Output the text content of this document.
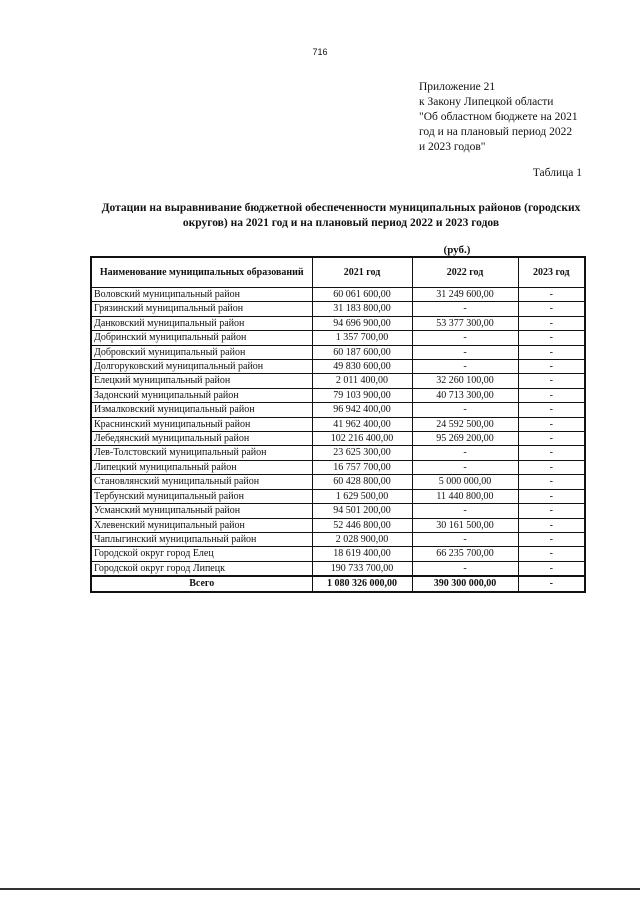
716
Приложение 21
к Закону Липецкой области
"Об областном бюджете на 2021
год и на плановый период 2022
и 2023 годов"
Таблица 1
Дотации на выравнивание бюджетной обеспеченности муниципальных районов (городских округов) на 2021 год и на плановый период 2022 и 2023 годов
(руб.)
Наименование муниципальных образований	2021 год	2022 год	2023 год
Воловский муниципальный район	60 061 600,00	31 249 600,00	-
Грязинский муниципальный район	31 183 800,00	-	-
Данковский муниципальный район	94 696 900,00	53 377 300,00	-
Добринский муниципальный район	1 357 700,00	-	-
Добровский муниципальный район	60 187 600,00	-	-
Долгоруковский муниципальный район	49 830 600,00	-	-
Елецкий муниципальный район	2 011 400,00	32 260 100,00	-
Задонский муниципальный район	79 103 900,00	40 713 300,00	-
Измалковский муниципальный район	96 942 400,00	-	-
Краснинский муниципальный район	41 962 400,00	24 592 500,00	-
Лебедянский муниципальный район	102 216 400,00	95 269 200,00	-
Лев-Толстовский муниципальный район	23 625 300,00	-	-
Липецкий муниципальный район	16 757 700,00	-	-
Становлянский муниципальный район	60 428 800,00	5 000 000,00	-
Тербунский муниципальный район	1 629 500,00	11 440 800,00	-
Усманский муниципальный район	94 501 200,00	-	-
Хлевенский муниципальный район	52 446 800,00	30 161 500,00	-
Чаплыгинский муниципальный район	2 028 900,00	-	-
Городской округ город Елец	18 619 400,00	66 235 700,00	-
Городской округ город Липецк	190 733 700,00	-	-
Всего	1 080 326 000,00	390 300 000,00	-
